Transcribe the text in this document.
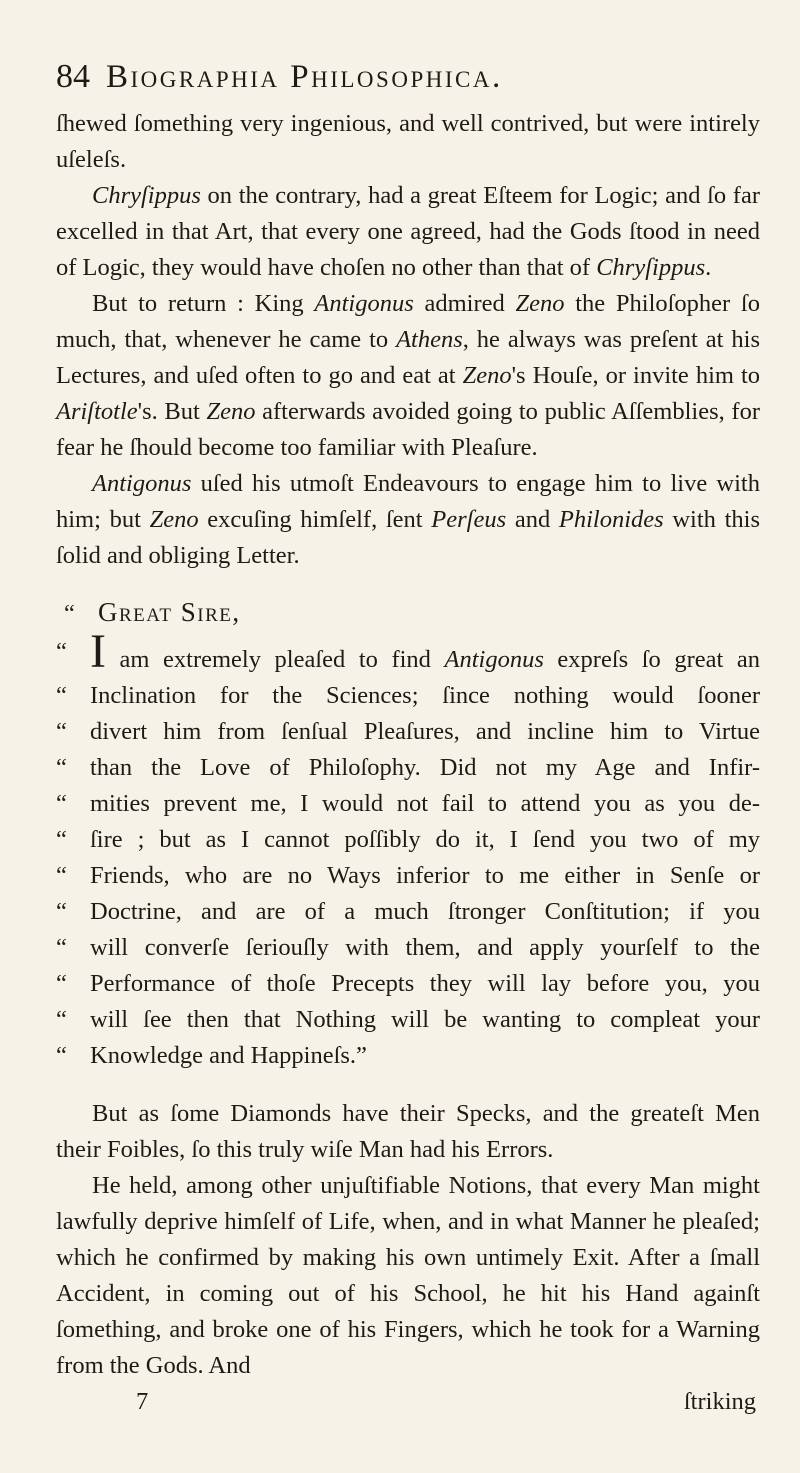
84 Biographia Philosophica.

ſhewed ſomething very ingenious, and well contrived, but were intirely uſeleſs.

Chryſippus on the contrary, had a great Eſteem for Logic; and ſo far excelled in that Art, that every one agreed, had the Gods ſtood in need of Logic, they would have choſen no other than that of Chryſippus.

But to return : King Antigonus admired Zeno the Philoſopher ſo much, that, whenever he came to Athens, he always was preſent at his Lectures, and uſed often to go and eat at Zeno's Houſe, or invite him to Ariſtotle's. But Zeno afterwards avoided going to public Aſſemblies, for fear he ſhould become too familiar with Pleaſure.

Antigonus uſed his utmoſt Endeavours to engage him to live with him; but Zeno excuſing himſelf, ſent Perſeus and Philonides with this ſolid and obliging Letter.

“ Great Sire,
“ I am extremely pleaſed to find Antigonus expreſs ſo great an
“ Inclination for the Sciences; ſince nothing would ſooner
“ divert him from ſenſual Pleaſures, and incline him to Virtue
“ than the Love of Philoſophy. Did not my Age and Infir-
“ mities prevent me, I would not fail to attend you as you de-
“ ſire ; but as I cannot poſſibly do it, I ſend you two of my
“ Friends, who are no Ways inferior to me either in Senſe or
“ Doctrine, and are of a much ſtronger Conſtitution; if you
“ will converſe ſeriouſly with them, and apply yourſelf to the
“ Performance of thoſe Precepts they will lay before you, you
“ will ſee then that Nothing will be wanting to compleat your
“ Knowledge and Happineſs.”

But as ſome Diamonds have their Specks, and the greateſt Men their Foibles, ſo this truly wiſe Man had his Errors.

He held, among other unjuſtifiable Notions, that every Man might lawfully deprive himſelf of Life, when, and in what Manner he pleaſed; which he confirmed by making his own untimely Exit. After a ſmall Accident, in coming out of his School, he hit his Hand againſt ſomething, and broke one of his Fingers, which he took for a Warning from the Gods. And

7	ſtriking
